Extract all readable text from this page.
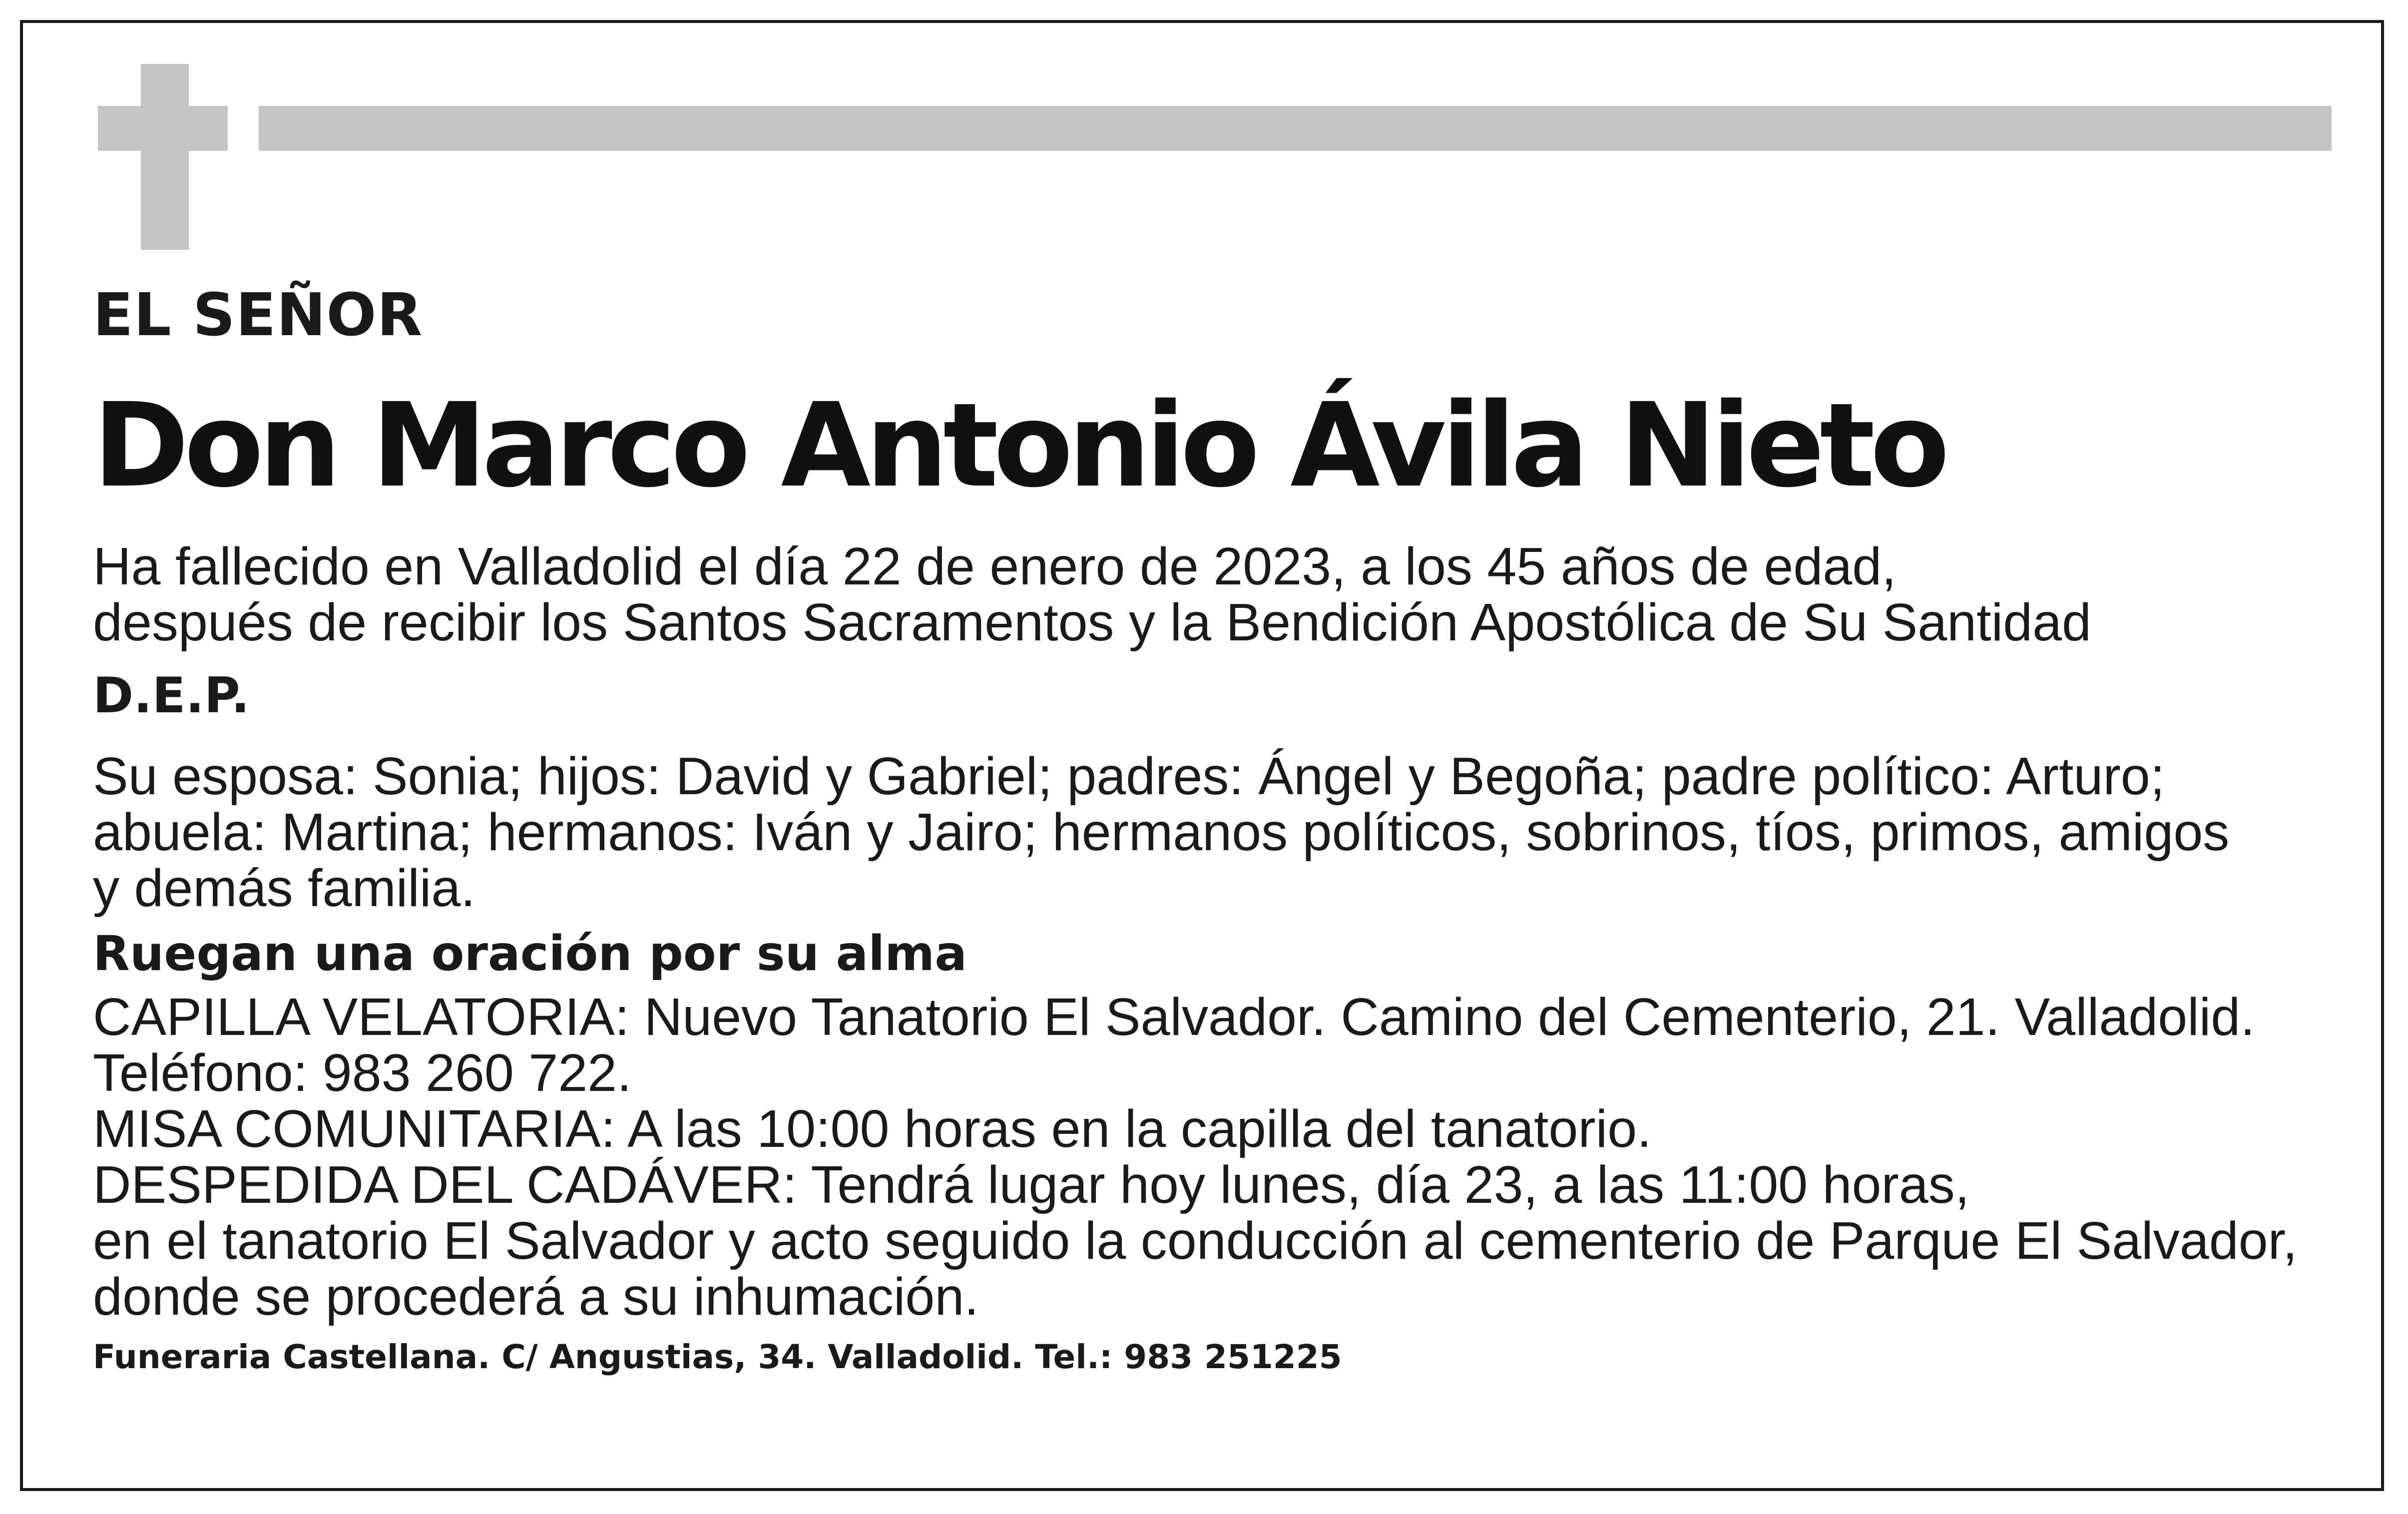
EL SEÑOR

Don Marco Antonio Ávila Nieto

Ha fallecido en Valladolid el día 22 de enero de 2023, a los 45 años de edad,

después de recibir los Santos Sacramentos y la Bendición Apostólica de Su Santidad

D.E.P.

Su esposa: Sonia; hijos: David y Gabriel; padres: Ángel y Begoña; padre político: Arturo;

abuela: Martina; hermanos: Iván y Jairo; hermanos políticos, sobrinos, tíos, primos, amigos

y demás familia.

Ruegan una oración por su alma

CAPILLA VELATORIA: Nuevo Tanatorio El Salvador. Camino del Cementerio, 21. Valladolid.

Teléfono: 983 260 722.

MISA COMUNITARIA: A las 10:00 horas en la capilla del tanatorio.

DESPEDIDA DEL CADÁVER: Tendrá lugar hoy lunes, día 23, a las 11:00 horas,

en el tanatorio El Salvador y acto seguido la conducción al cementerio de Parque El Salvador,

donde se procederá a su inhumación.

Funeraria Castellana. C/ Angustias, 34. Valladolid. Tel.: 983 251225
